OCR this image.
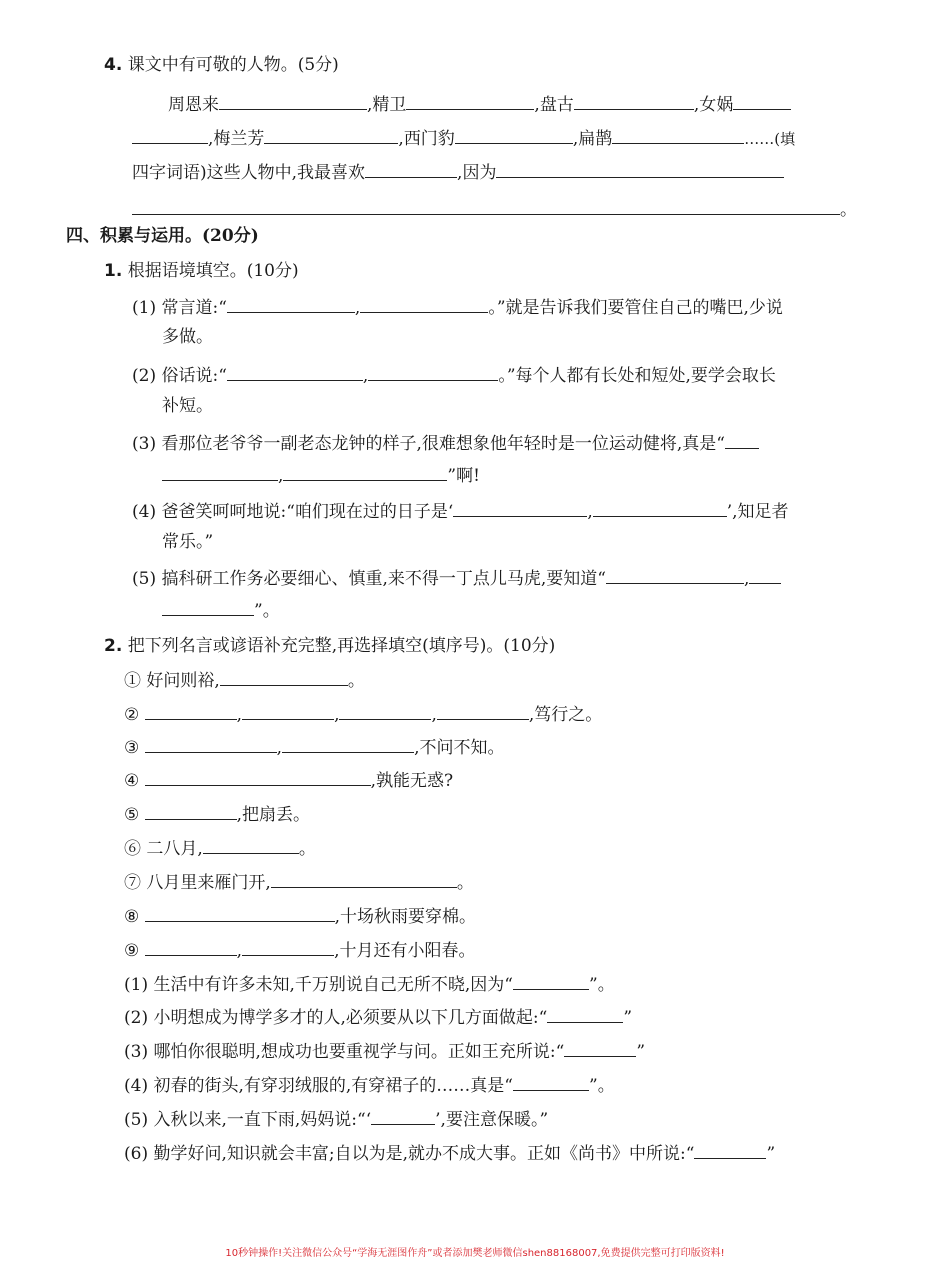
4. 课文中有可敬的人物。(5分)
周恩来	,精卫	,盘古	,女娲
,梅兰芳	,西门豹	,扁鹊	……(填
四字词语)这些人物中,我最喜欢	,因为
。
四、积累与运用。(20分)
1. 根据语境填空。(10分)
(1) 常言道:“	,	。”就是告诉我们要管住自己的嘴巴,少说
多做。
(2) 俗话说:“	,	。”每个人都有长处和短处,要学会取长
补短。
(3) 看那位老爷爷一副老态龙钟的样子,很难想象他年轻时是一位运动健将,真是“
,	”啊!
(4) 爸爸笑呵呵地说:“咱们现在过的日子是‘	,	’,知足者
常乐。”
(5) 搞科研工作务必要细心、慎重,来不得一丁点儿马虎,要知道“	,
”。
2. 把下列名言或谚语补充完整,再选择填空(填序号)。(10分)
① 好问则裕,	。
②	,	,	,	,笃行之。
③	,	,不问不知。
④	,孰能无惑?
⑤	,把扇丢。
⑥ 二八月,	。
⑦ 八月里来雁门开,	。
⑧	,十场秋雨要穿棉。
⑨	,	,十月还有小阳春。
(1) 生活中有许多未知,千万别说自己无所不晓,因为“	”。
(2) 小明想成为博学多才的人,必须要从以下几方面做起:“	”
(3) 哪怕你很聪明,想成功也要重视学与问。正如王充所说:“	”
(4) 初春的街头,有穿羽绒服的,有穿裙子的……真是“	”。
(5) 入秋以来,一直下雨,妈妈说:“‘	’,要注意保暖。”
(6) 勤学好问,知识就会丰富;自以为是,就办不成大事。正如《尚书》中所说:“	”
10秒钟操作!关注微信公众号“学海无涯图作舟”或者添加樊老师微信shen88168007,免费提供完整可打印版资料!
